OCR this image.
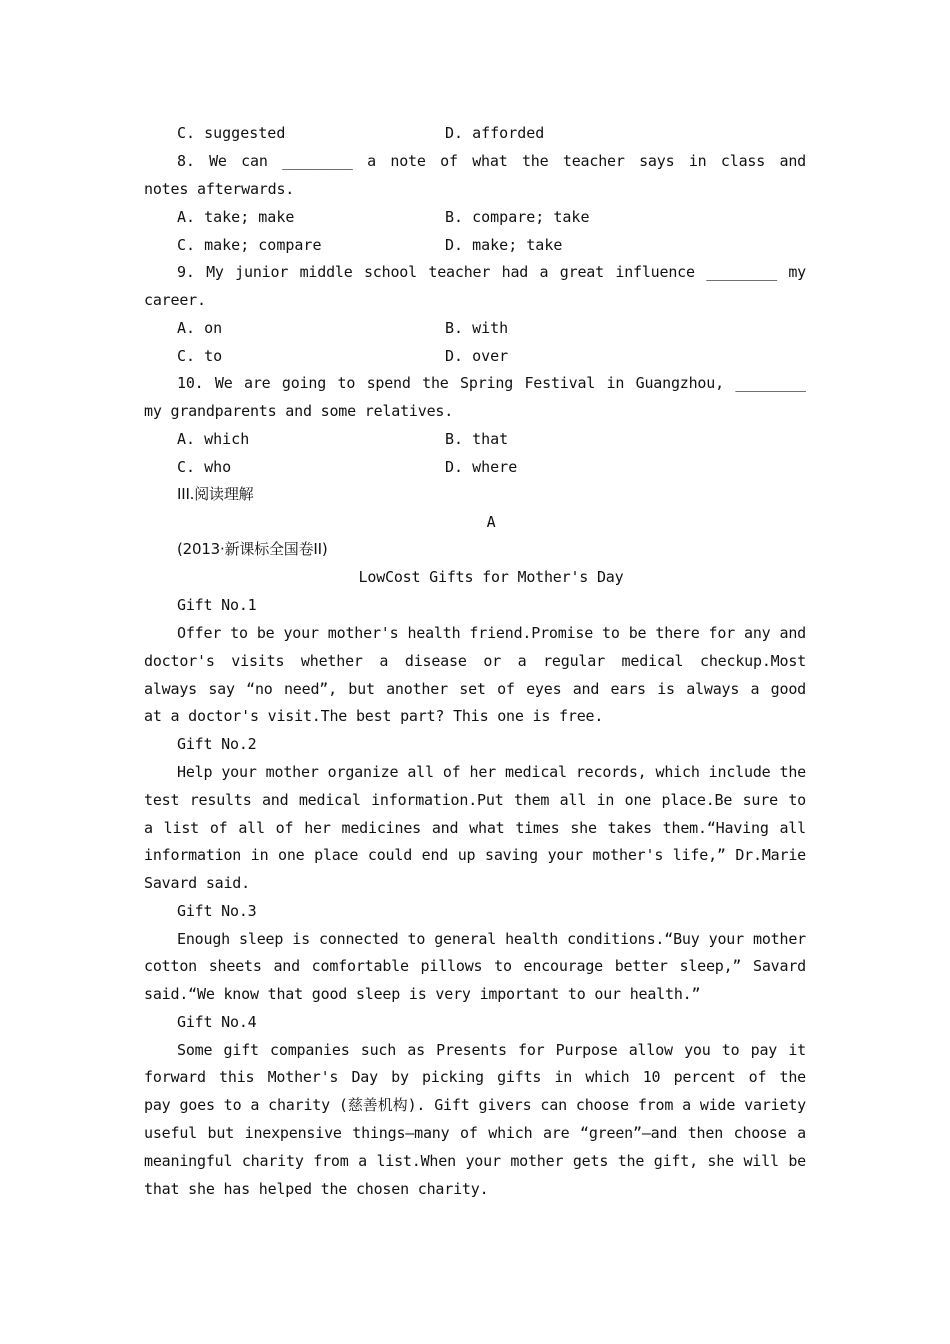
C. suggested	D. afforded
8. We can ________ a note of what the teacher says in class and
notes afterwards.
A. take; make	B. compare; take
C. make; compare	D. make; take
9. My junior middle school teacher had a great influence ________ my
career.
A. on	B. with
C. to	D. over
10. We are going to spend the Spring Festival in Guangzhou, ________
my grandparents and some relatives.
A. which	B. that
C. who	D. where
III.阅读理解
A
(2013·新课标全国卷II)
LowCost Gifts for Mother's Day
Gift No.1
Offer to be your mother's health friend.Promise to be there for any and
doctor's visits whether a disease or a regular medical checkup.Most
always say “no need”, but another set of eyes and ears is always a good
at a doctor's visit.The best part? This one is free.
Gift No.2
Help your mother organize all of her medical records, which include the
test results and medical information.Put them all in one place.Be sure to
a list of all of her medicines and what times she takes them.“Having all
information in one place could end up saving your mother's life,” Dr.Marie
Savard said.
Gift No.3
Enough sleep is connected to general health conditions.“Buy your mother
cotton sheets and comfortable pillows to encourage better sleep,” Savard
said.“We know that good sleep is very important to our health.”
Gift No.4
Some gift companies such as Presents for Purpose allow you to pay it
forward this Mother's Day by picking gifts in which 10 percent of the
pay goes to a charity (慈善机构). Gift givers can choose from a wide variety
useful but inexpensive things—many of which are “green”—and then choose a
meaningful charity from a list.When your mother gets the gift, she will be
that she has helped the chosen charity.
